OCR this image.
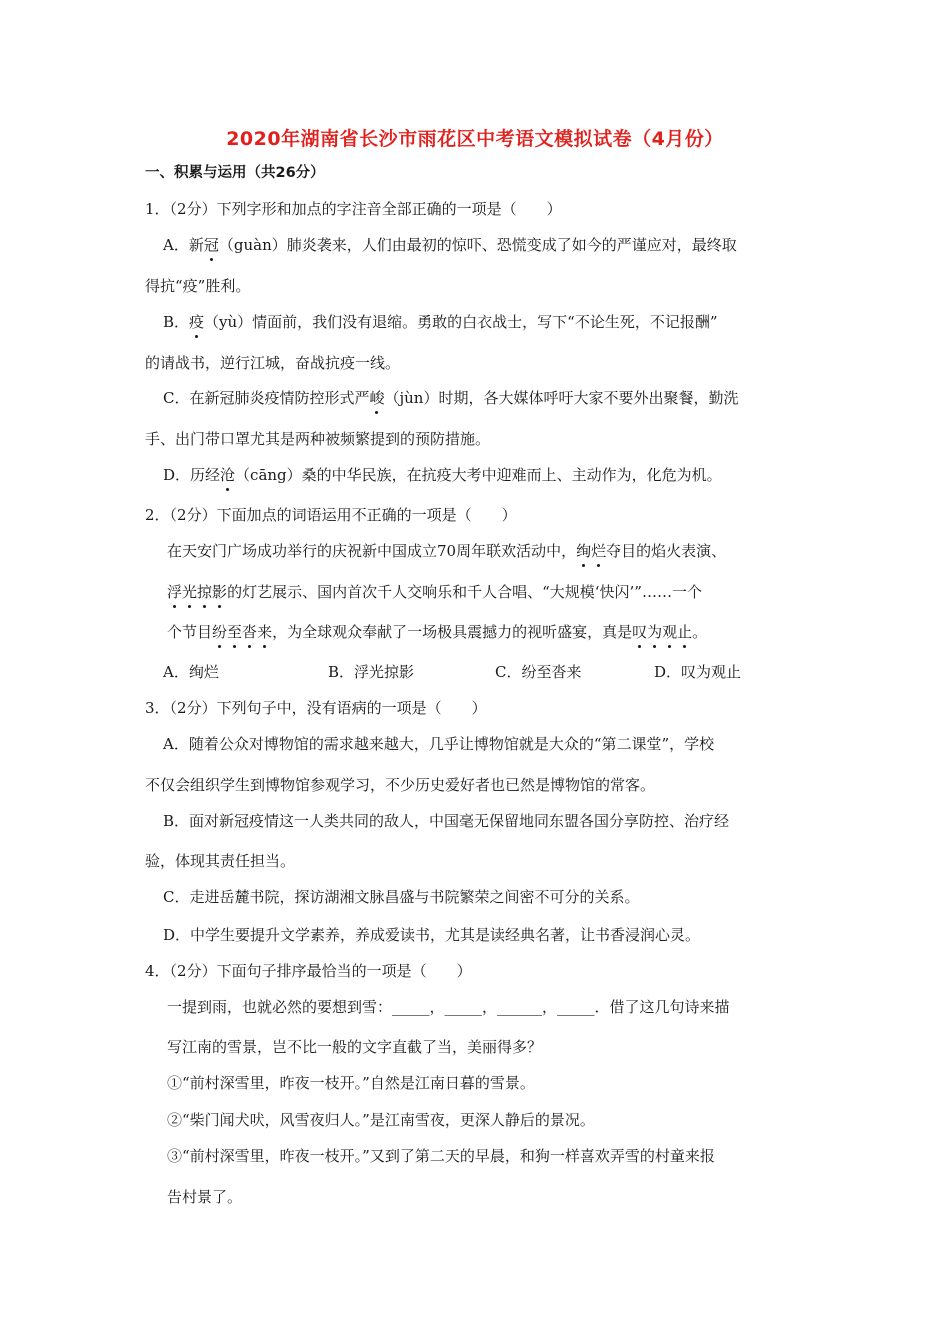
2020年湖南省长沙市雨花区中考语文模拟试卷（4月份）
一、积累与运用（共26分）
1．（2分）下列字形和加点的字注音全部正确的一项是（　　）
A．新冠（guàn）肺炎袭来，人们由最初的惊吓、恐慌变成了如今的严谨应对，最终取
得抗“疫”胜利。
B．疫（yù）情面前，我们没有退缩。勇敢的白衣战士，写下“不论生死，不记报酬”
的请战书，逆行江城，奋战抗疫一线。
C．在新冠肺炎疫情防控形式严峻（jùn）时期，各大媒体呼吁大家不要外出聚餐，勤洗
手、出门带口罩尤其是两种被频繁提到的预防措施。
D．历经沧（cāng）桑的中华民族，在抗疫大考中迎难而上、主动作为，化危为机。
2．（2分）下面加点的词语运用不正确的一项是（　　）
在天安门广场成功举行的庆祝新中国成立70周年联欢活动中，绚烂夺目的焰火表演、
浮光掠影的灯艺展示、国内首次千人交响乐和千人合唱、“大规模‘快闪’”……一个
个节目纷至沓来，为全球观众奉献了一场极具震撼力的视听盛宴，真是叹为观止。
A．绚烂	B．浮光掠影	C．纷至沓来	D．叹为观止
3．（2分）下列句子中，没有语病的一项是（　　）
A．随着公众对博物馆的需求越来越大，几乎让博物馆就是大众的“第二课堂”，学校
不仅会组织学生到博物馆参观学习，不少历史爱好者也已然是博物馆的常客。
B．面对新冠疫情这一人类共同的敌人，中国毫无保留地同东盟各国分享防控、治疗经
验，体现其责任担当。
C．走进岳麓书院，探访湖湘文脉昌盛与书院繁荣之间密不可分的关系。
D．中学生要提升文学素养，养成爱读书，尤其是读经典名著，让书香浸润心灵。
4．（2分）下面句子排序最恰当的一项是（　　）
一提到雨，也就必然的要想到雪：_____，_____，______，_____．借了这几句诗来描
写江南的雪景，岂不比一般的文字直截了当，美丽得多？
①“前村深雪里，昨夜一枝开。”自然是江南日暮的雪景。
②“柴门闻犬吠，风雪夜归人。”是江南雪夜，更深人静后的景况。
③“前村深雪里，昨夜一枝开。”又到了第二天的早晨，和狗一样喜欢弄雪的村童来报
告村景了。
